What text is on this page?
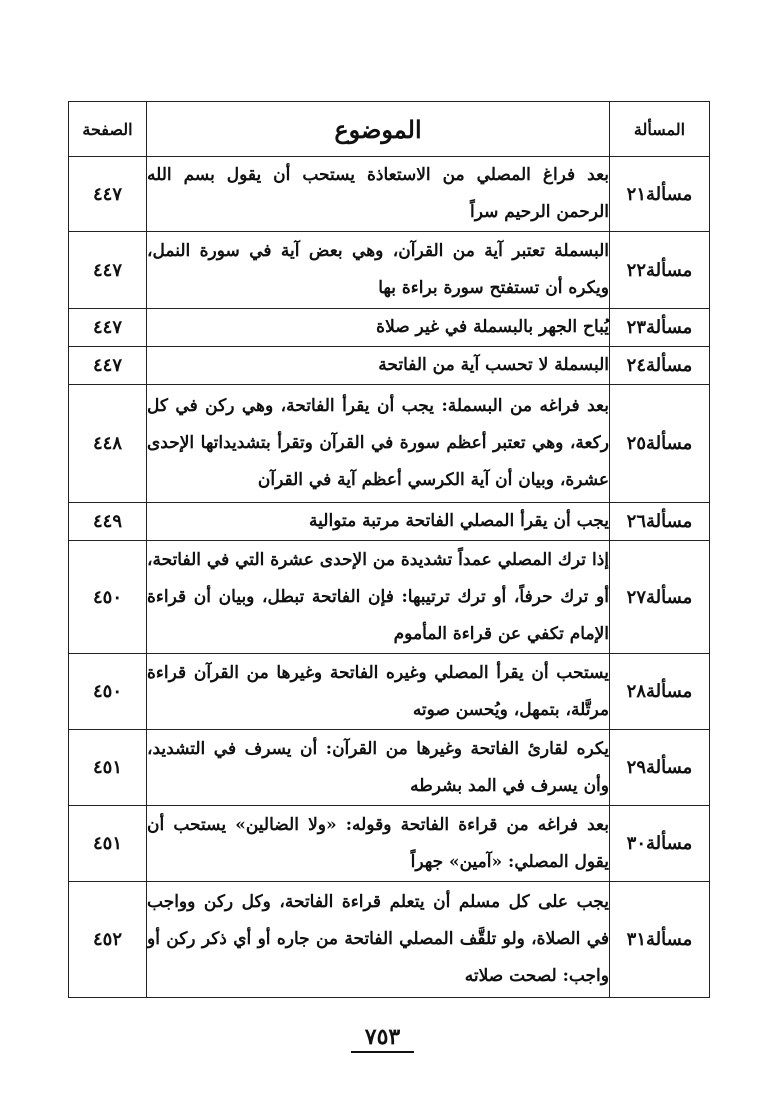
المسألة	الموضوع	الصفحة
مسألة٢١	بعد فراغ المصلي من الاستعاذة يستحب أن يقول بسم الله الرحمن الرحيم سراً	٤٤٧
مسألة٢٢	البسملة تعتبر آية من القرآن، وهي بعض آية في سورة النمل، ويكره أن تستفتح سورة براءة بها	٤٤٧
مسألة٢٣	يُباح الجهر بالبسملة في غير صلاة	٤٤٧
مسألة٢٤	البسملة لا تحسب آية من الفاتحة	٤٤٧
مسألة٢٥	بعد فراغه من البسملة: يجب أن يقرأ الفاتحة، وهي ركن في كل ركعة، وهي تعتبر أعظم سورة في القرآن وتقرأ بتشديداتها الإحدى عشرة، وبيان أن آية الكرسي أعظم آية في القرآن	٤٤٨
مسألة٢٦	يجب أن يقرأ المصلي الفاتحة مرتبة متوالية	٤٤٩
مسألة٢٧	إذا ترك المصلي عمداً تشديدة من الإحدى عشرة التي في الفاتحة، أو ترك حرفاً، أو ترك ترتيبها: فإن الفاتحة تبطل، وبيان أن قراءة الإمام تكفي عن قراءة المأموم	٤٥٠
مسألة٢٨	يستحب أن يقرأ المصلي وغيره الفاتحة وغيرها من القرآن قراءة مرتَّلة، بتمهل، ويُحسن صوته	٤٥٠
مسألة٢٩	يكره لقارئ الفاتحة وغيرها من القرآن: أن يسرف في التشديد، وأن يسرف في المد بشرطه	٤٥١
مسألة٣٠	بعد فراغه من قراءة الفاتحة وقوله: «ولا الضالين» يستحب أن يقول المصلي: «آمين» جهراً	٤٥١
مسألة٣١	يجب على كل مسلم أن يتعلم قراءة الفاتحة، وكل ركن وواجب في الصلاة، ولو تلقَّف المصلي الفاتحة من جاره أو أي ذكر ركن أو واجب: لصحت صلاته	٤٥٢
٧٥٣
